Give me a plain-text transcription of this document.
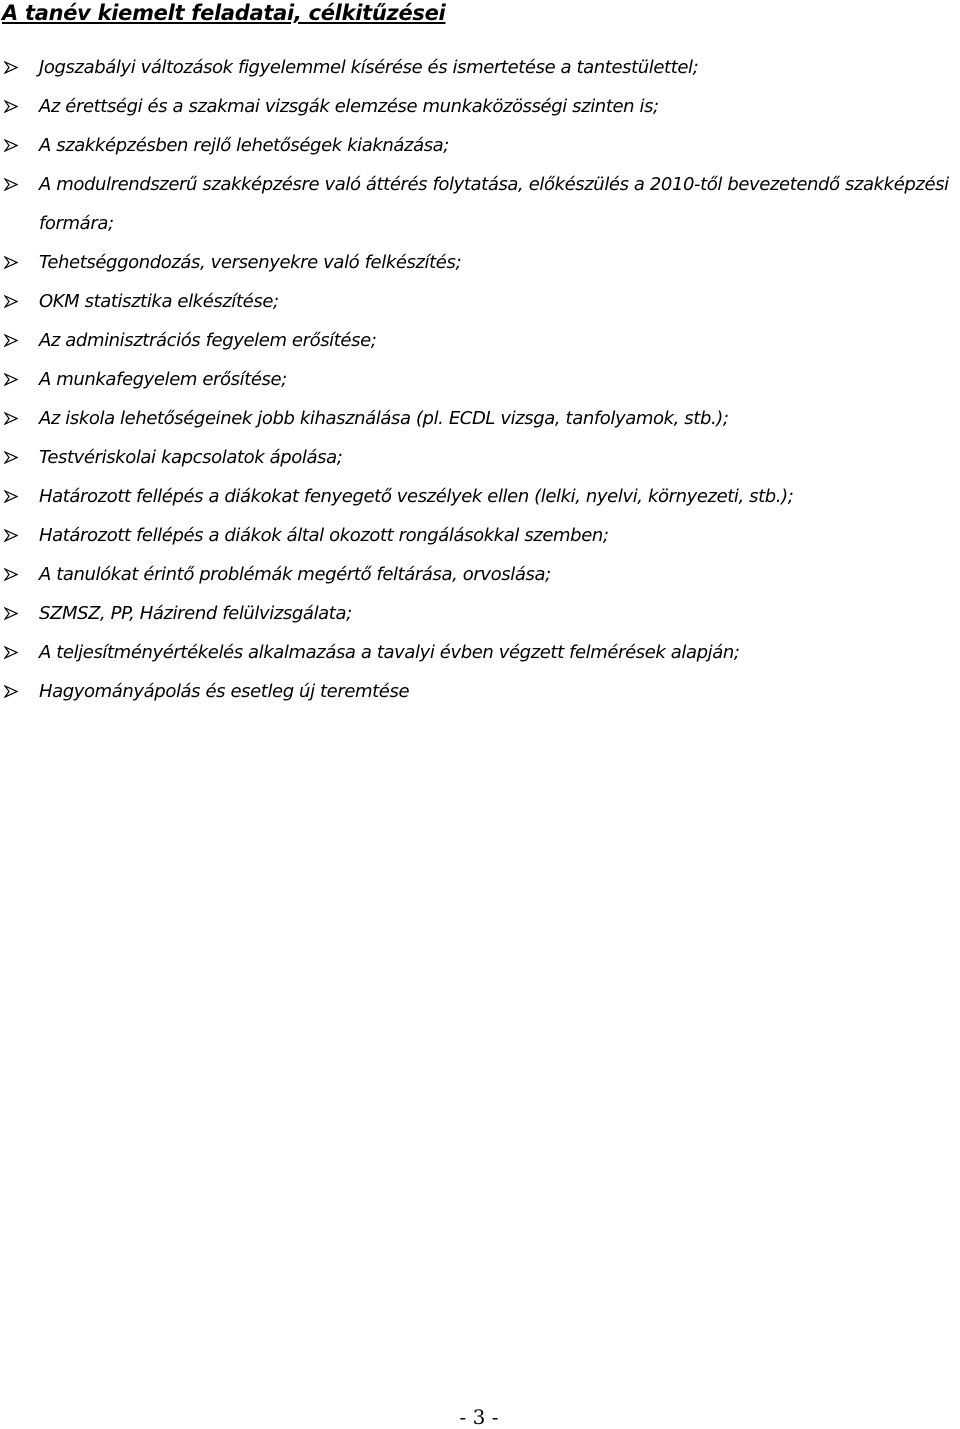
A tanév kiemelt feladatai, célkitűzései
Jogszabályi változások figyelemmel kísérése és ismertetése a tantestülettel;
Az érettségi és a szakmai vizsgák elemzése munkaközösségi szinten is;
A szakképzésben rejlő lehetőségek kiaknázása;
A modulrendszerű szakképzésre való áttérés folytatása, előkészülés a 2010-től bevezetendő szakképzési formára;
Tehetséggondozás, versenyekre való felkészítés;
OKM statisztika elkészítése;
Az adminisztrációs fegyelem erősítése;
A munkafegyelem erősítése;
Az iskola lehetőségeinek jobb kihasználása (pl. ECDL vizsga, tanfolyamok, stb.);
Testvériskolai kapcsolatok ápolása;
Határozott fellépés a diákokat fenyegető veszélyek ellen (lelki, nyelvi, környezeti, stb.);
Határozott fellépés a diákok által okozott rongálásokkal szemben;
A tanulókat érintő problémák megértő feltárása, orvoslása;
SZMSZ, PP, Házirend felülvizsgálata;
A teljesítményértékelés alkalmazása a tavalyi évben végzett felmérések alapján;
Hagyományápolás és esetleg új teremtése
- 3 -
